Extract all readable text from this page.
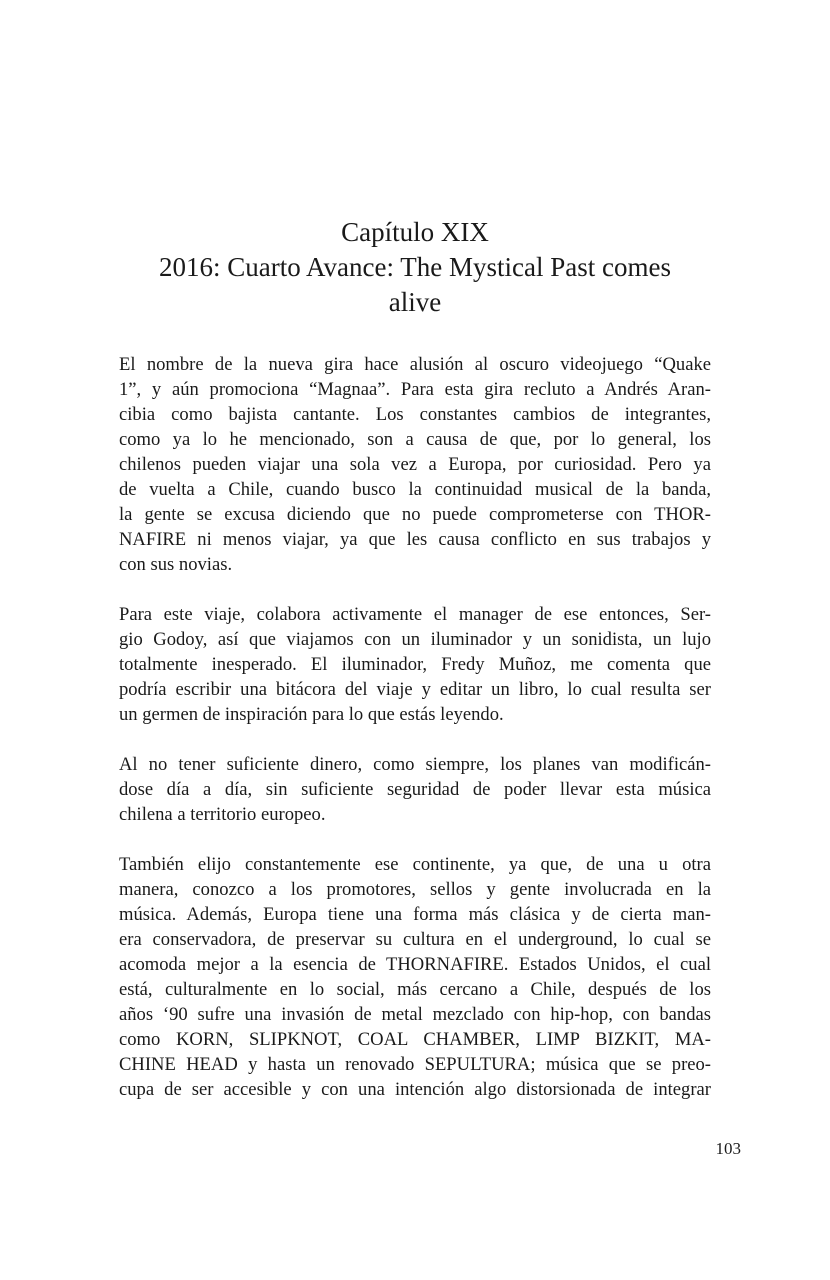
Capítulo XIX
2016: Cuarto Avance: The Mystical Past comes
alive
El nombre de la nueva gira hace alusión al oscuro videojuego “Quake
1”, y aún promociona “Magnaa”. Para esta gira recluto a Andrés Aran-
cibia como bajista cantante. Los constantes cambios de integrantes,
como ya lo he mencionado, son a causa de que, por lo general, los
chilenos pueden viajar una sola vez a Europa, por curiosidad. Pero ya
de vuelta a Chile, cuando busco la continuidad musical de la banda,
la gente se excusa diciendo que no puede comprometerse con THOR-
NAFIRE ni menos viajar, ya que les causa conflicto en sus trabajos y
con sus novias.
Para este viaje, colabora activamente el manager de ese entonces, Ser-
gio Godoy, así que viajamos con un iluminador y un sonidista, un lujo
totalmente inesperado. El iluminador, Fredy Muñoz, me comenta que
podría escribir una bitácora del viaje y editar un libro, lo cual resulta ser
un germen de inspiración para lo que estás leyendo.
Al no tener suficiente dinero, como siempre, los planes van modificán-
dose día a día, sin suficiente seguridad de poder llevar esta música
chilena a territorio europeo.
También elijo constantemente ese continente, ya que, de una u otra
manera, conozco a los promotores, sellos y gente involucrada en la
música. Además, Europa tiene una forma más clásica y de cierta man-
era conservadora, de preservar su cultura en el underground, lo cual se
acomoda mejor a la esencia de THORNAFIRE. Estados Unidos, el cual
está, culturalmente en lo social, más cercano a Chile, después de los
años ‘90 sufre una invasión de metal mezclado con hip-hop, con bandas
como KORN, SLIPKNOT, COAL CHAMBER, LIMP BIZKIT, MA-
CHINE HEAD y hasta un renovado SEPULTURA; música que se preo-
cupa de ser accesible y con una intención algo distorsionada de integrar
103
